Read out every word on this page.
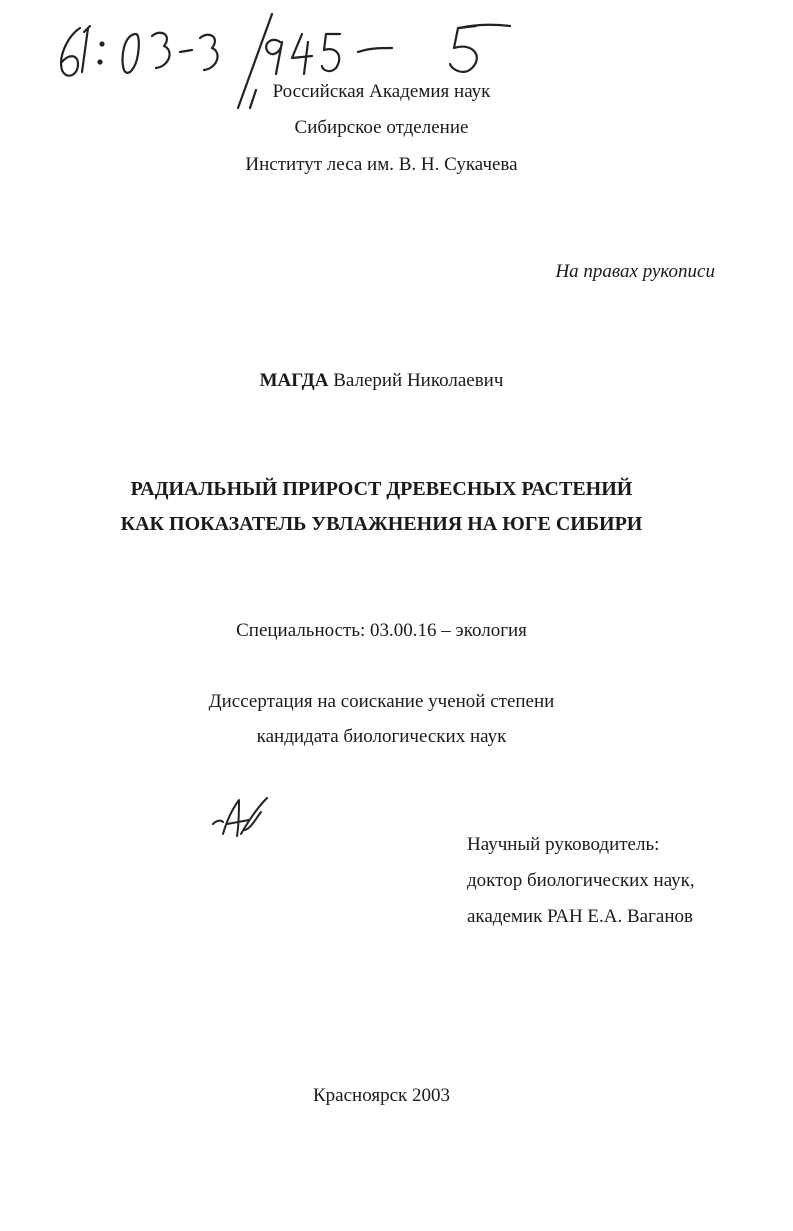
Российская Академия наук
Сибирское отделение
Институт леса им. В. Н. Сукачева
На правах рукописи
МАГДА Валерий Николаевич
РАДИАЛЬНЫЙ ПРИРОСТ ДРЕВЕСНЫХ РАСТЕНИЙ
КАК ПОКАЗАТЕЛЬ УВЛАЖНЕНИЯ НА ЮГЕ СИБИРИ
Специальность: 03.00.16 – экология
Диссертация на соискание ученой степени
кандидата биологических наук
Научный руководитель:
доктор биологических наук,
академик РАН Е.А. Ваганов
Красноярск 2003
